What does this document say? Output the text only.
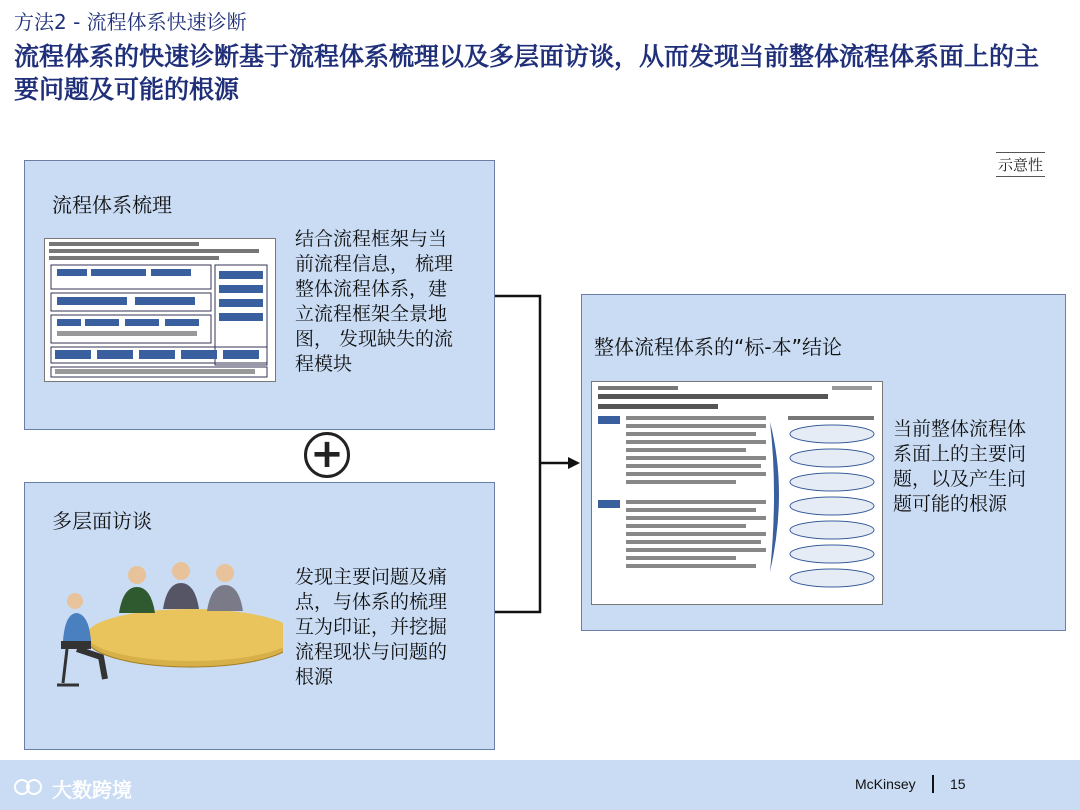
方法2 - 流程体系快速诊断
流程体系的快速诊断基于流程体系梳理以及多层面访谈，从而发现当前整体流程体系面上的主要问题及可能的根源
示意性
流程体系梳理
结合流程框架与当
前流程信息， 梳理
整体流程体系，建
立流程框架全景地
图， 发现缺失的流
程模块
+
多层面访谈
发现主要问题及痛
点，与体系的梳理
互为印证，并挖掘
流程现状与问题的
根源
整体流程体系的“标-本”结论
当前整体流程体
系面上的主要问
题，以及产生问
题可能的根源
大数跨境	McKinsey 15
